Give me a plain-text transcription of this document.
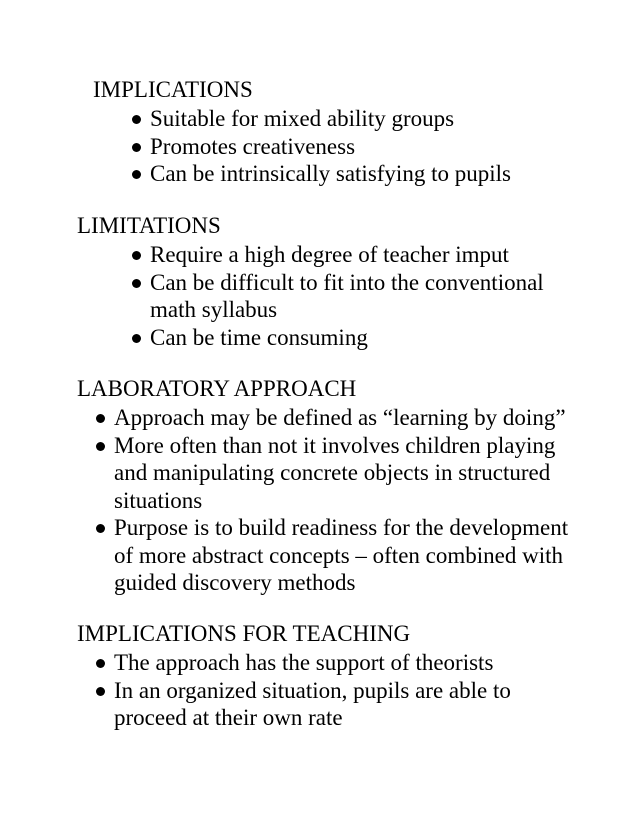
IMPLICATIONS
Suitable for mixed ability groups
Promotes creativeness
Can be intrinsically satisfying to pupils
LIMITATIONS
Require a high degree of teacher imput
Can be difficult to fit into the conventional math syllabus
Can be time consuming
LABORATORY APPROACH
Approach may be defined as “learning by doing”
More often than not it involves children playing and manipulating concrete objects in structured situations
Purpose is to build readiness for the development of more abstract concepts – often combined with guided discovery methods
IMPLICATIONS FOR TEACHING
The approach has the support of theorists
In an organized situation, pupils are able to proceed at their own rate
